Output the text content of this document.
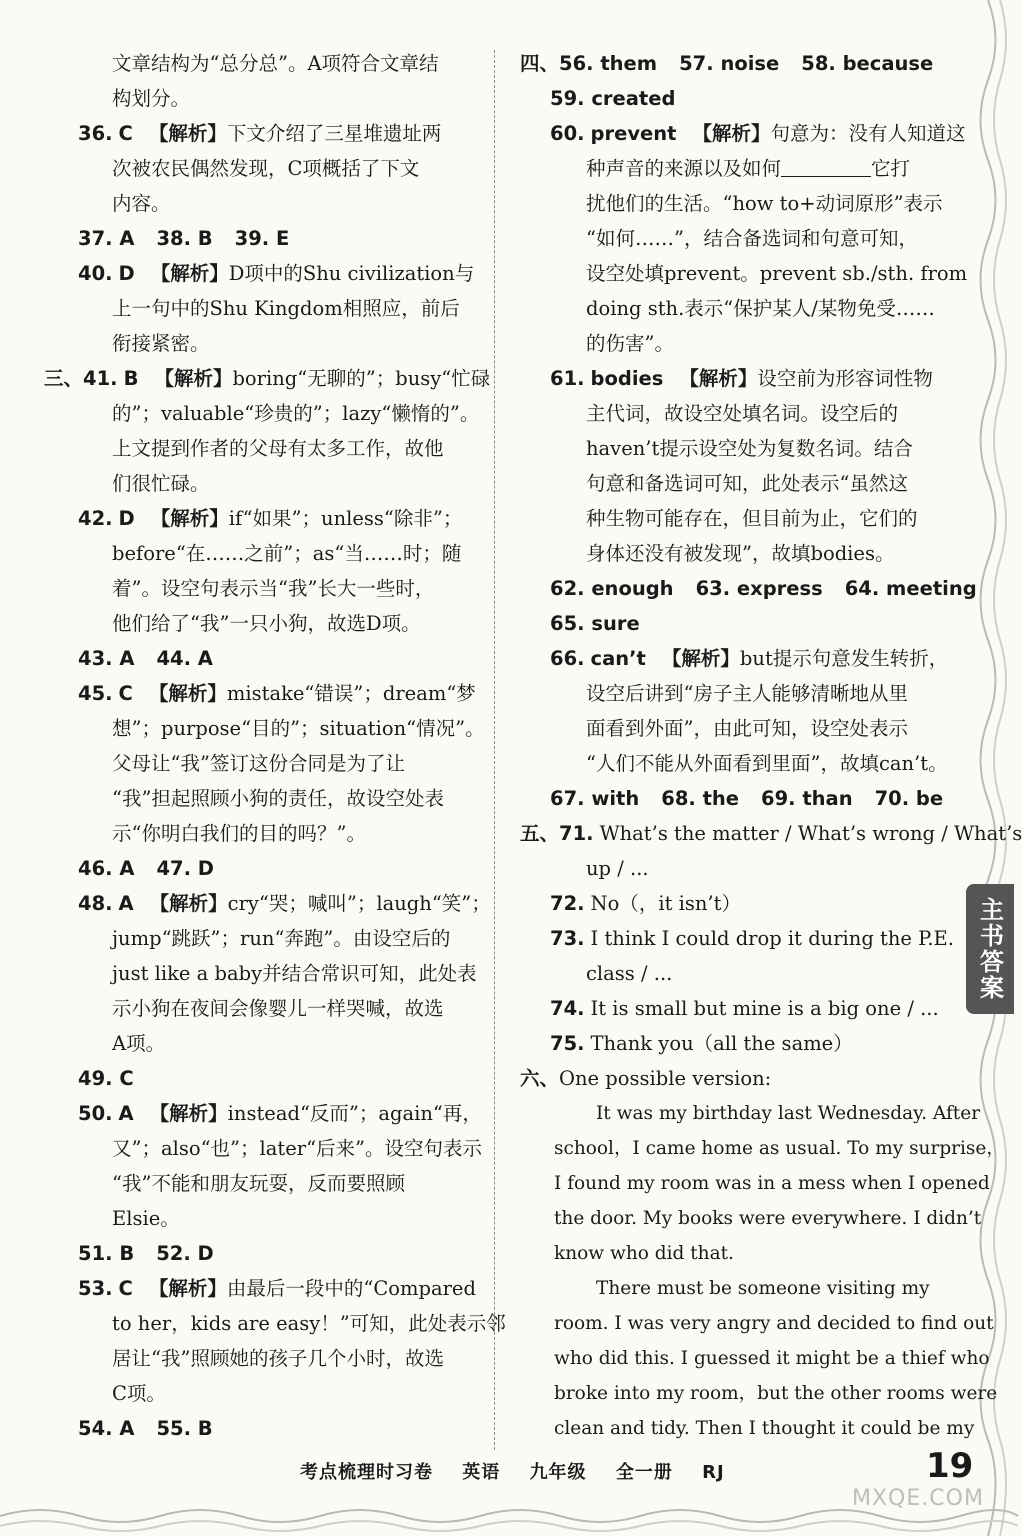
文章结构为“总分总”。A项符合文章结
构划分。
36. C 【解析】下文介绍了三星堆遗址两
次被农民偶然发现，C项概括了下文
内容。
37. A 38. B 39. E
40. D 【解析】D项中的Shu civilization与
上一句中的Shu Kingdom相照应，前后
衔接紧密。
三、41. B 【解析】boring“无聊的”；busy“忙碌
的”；valuable“珍贵的”；lazy“懒惰的”。
上文提到作者的父母有太多工作，故他
们很忙碌。
42. D 【解析】if“如果”；unless“除非”；
before“在……之前”；as“当……时；随
着”。设空句表示当“我”长大一些时，
他们给了“我”一只小狗，故选D项。
43. A 44. A
45. C 【解析】mistake“错误”；dream“梦
想”；purpose“目的”；situation“情况”。
父母让“我”签订这份合同是为了让
“我”担起照顾小狗的责任，故设空处表
示“你明白我们的目的吗？”。
46. A 47. D
48. A 【解析】cry“哭；喊叫”；laugh“笑”；
jump“跳跃”；run“奔跑”。由设空后的
just like a baby并结合常识可知，此处表
示小狗在夜间会像婴儿一样哭喊，故选
A项。
49. C
50. A 【解析】instead“反而”；again“再，
又”；also“也”；later“后来”。设空句表示
“我”不能和朋友玩耍，反而要照顾
Elsie。
51. B 52. D
53. C 【解析】由最后一段中的“Compared
to her，kids are easy！”可知，此处表示邻
居让“我”照顾她的孩子几个小时，故选
C项。
54. A 55. B
四、56. them 57. noise 58. because
59. created
60. prevent 【解析】句意为：没有人知道这
种声音的来源以及如何	它打
扰他们的生活。“how to+动词原形”表示
“如何……”，结合备选词和句意可知，
设空处填prevent。prevent sb./sth. from
doing sth.表示“保护某人/某物免受……
的伤害”。
61. bodies 【解析】设空前为形容词性物
主代词，故设空处填名词。设空后的
haven’t提示设空处为复数名词。结合
句意和备选词可知，此处表示“虽然这
种生物可能存在，但目前为止，它们的
身体还没有被发现”，故填bodies。
62. enough 63. express 64. meeting
65. sure
66. can’t 【解析】but提示句意发生转折，
设空后讲到“房子主人能够清晰地从里
面看到外面”，由此可知，设空处表示
“人们不能从外面看到里面”，故填can’t。
67. with 68. the 69. than 70. be
五、71. What’s the matter / What’s wrong / What’s
up / ...
72. No（，it isn’t）
73. I think I could drop it during the P.E.
class / ...
74. It is small but mine is a big one / ...
75. Thank you（all the same）
六、One possible version:
It was my birthday last Wednesday. After
school，I came home as usual. To my surprise，
I found my room was in a mess when I opened
the door. My books were everywhere. I didn’t
know who did that.
There must be someone visiting my
room. I was very angry and decided to find out
who did this. I guessed it might be a thief who
broke into my room，but the other rooms were
clean and tidy. Then I thought it could be my
主书答案
考点梳理时习卷 英语 九年级 全一册 RJ	19
MXQE.COM
